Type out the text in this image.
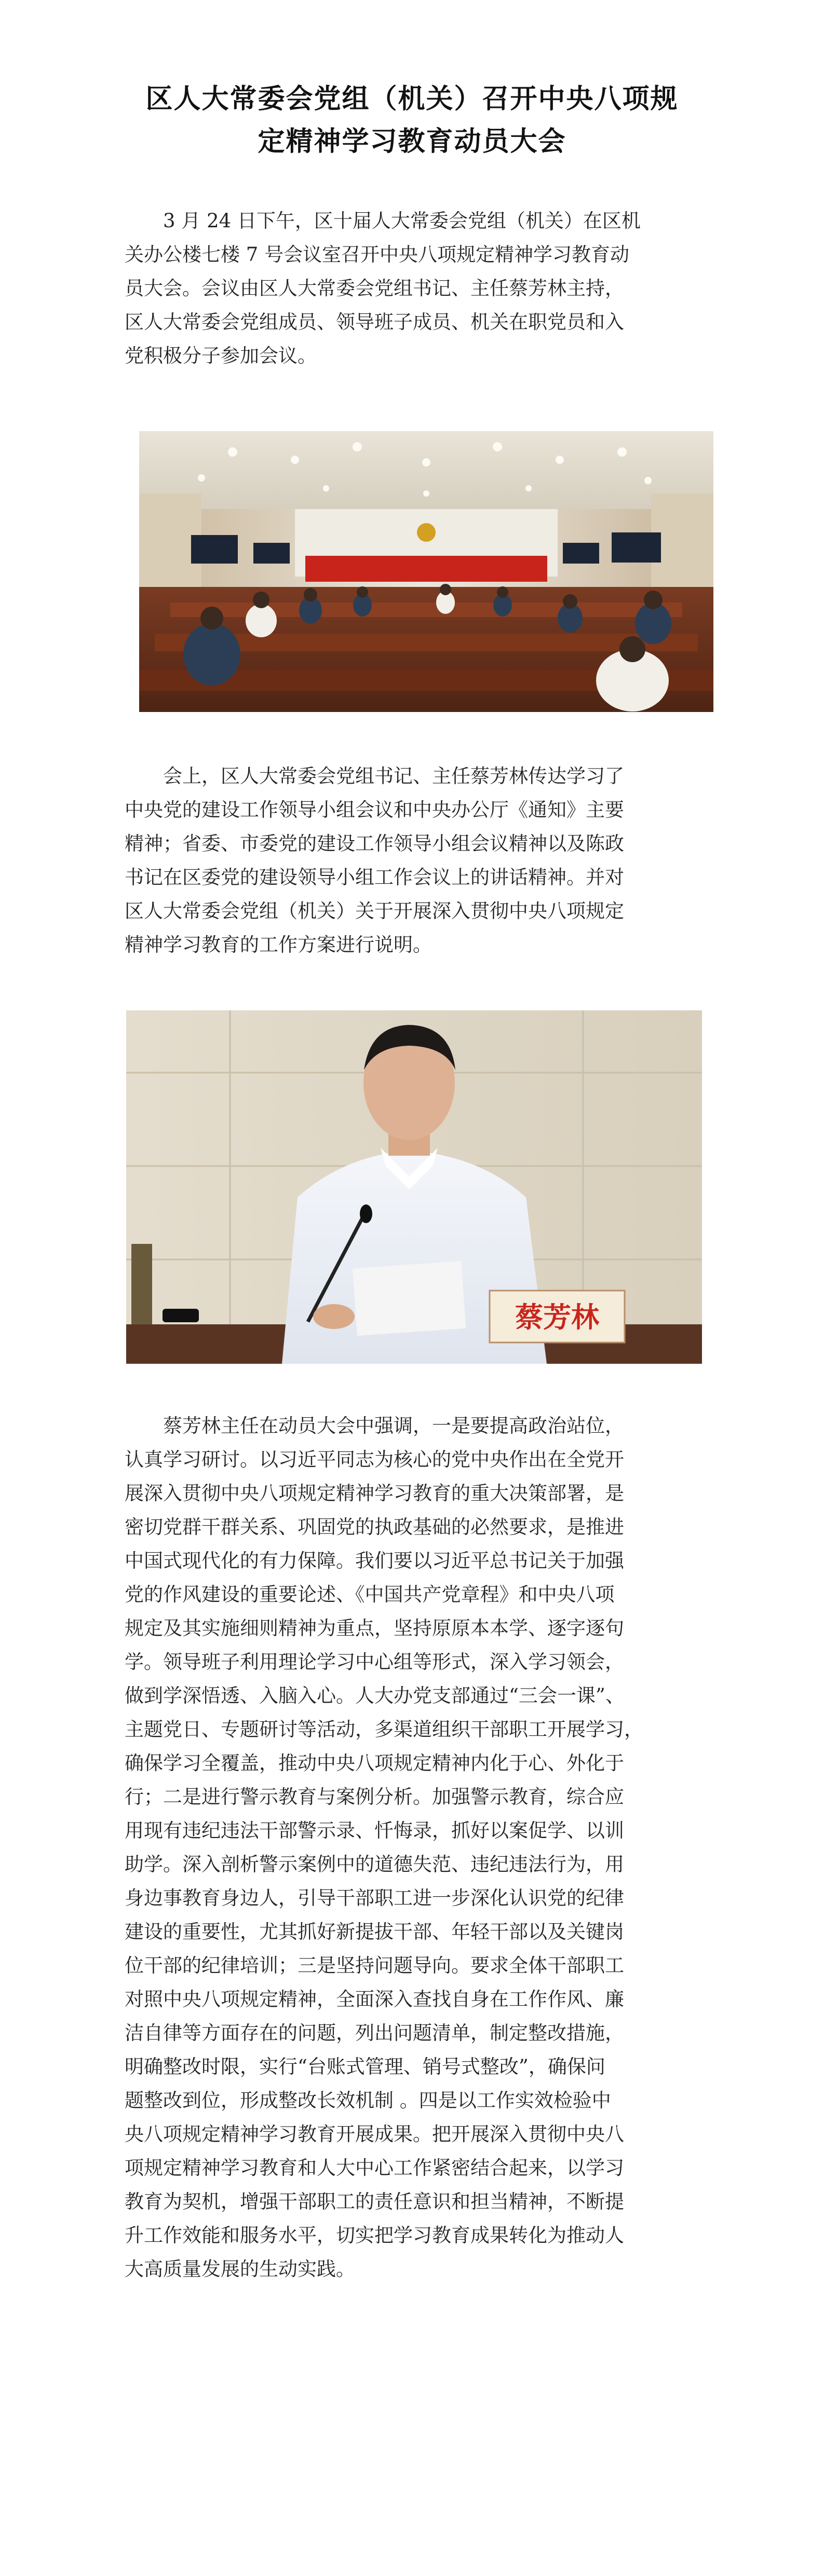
区人大常委会党组（机关）召开中央八项规
定精神学习教育动员大会

3 月 24 日下午，区十届人大常委会党组（机关）在区机
关办公楼七楼 7 号会议室召开中央八项规定精神学习教育动
员大会。会议由区人大常委会党组书记、主任蔡芳林主持，
区人大常委会党组成员、领导班子成员、机关在职党员和入
党积极分子参加会议。

会上，区人大常委会党组书记、主任蔡芳林传达学习了
中央党的建设工作领导小组会议和中央办公厅《通知》主要
精神；省委、市委党的建设工作领导小组会议精神以及陈政
书记在区委党的建设领导小组工作会议上的讲话精神。并对
区人大常委会党组（机关）关于开展深入贯彻中央八项规定
精神学习教育的工作方案进行说明。

蔡芳林

蔡芳林主任在动员大会中强调，一是要提高政治站位，
认真学习研讨。以习近平同志为核心的党中央作出在全党开
展深入贯彻中央八项规定精神学习教育的重大决策部署，是
密切党群干群关系、巩固党的执政基础的必然要求，是推进
中国式现代化的有力保障。我们要以习近平总书记关于加强
党的作风建设的重要论述、《中国共产党章程》和中央八项
规定及其实施细则精神为重点，坚持原原本本学、逐字逐句
学。领导班子利用理论学习中心组等形式，深入学习领会，
做到学深悟透、入脑入心。人大办党支部通过“三会一课”、
主题党日、专题研讨等活动，多渠道组织干部职工开展学习，
确保学习全覆盖，推动中央八项规定精神内化于心、外化于
行；二是进行警示教育与案例分析。加强警示教育，综合应
用现有违纪违法干部警示录、忏悔录，抓好以案促学、以训
助学。深入剖析警示案例中的道德失范、违纪违法行为，用
身边事教育身边人，引导干部职工进一步深化认识党的纪律
建设的重要性，尤其抓好新提拔干部、年轻干部以及关键岗
位干部的纪律培训；三是坚持问题导向。要求全体干部职工
对照中央八项规定精神，全面深入查找自身在工作作风、廉
洁自律等方面存在的问题，列出问题清单，制定整改措施，
明确整改时限，实行“台账式管理、销号式整改”，确保问
题整改到位，形成整改长效机制 。四是以工作实效检验中
央八项规定精神学习教育开展成果。把开展深入贯彻中央八
项规定精神学习教育和人大中心工作紧密结合起来，以学习
教育为契机，增强干部职工的责任意识和担当精神，不断提
升工作效能和服务水平，切实把学习教育成果转化为推动人
大高质量发展的生动实践。
